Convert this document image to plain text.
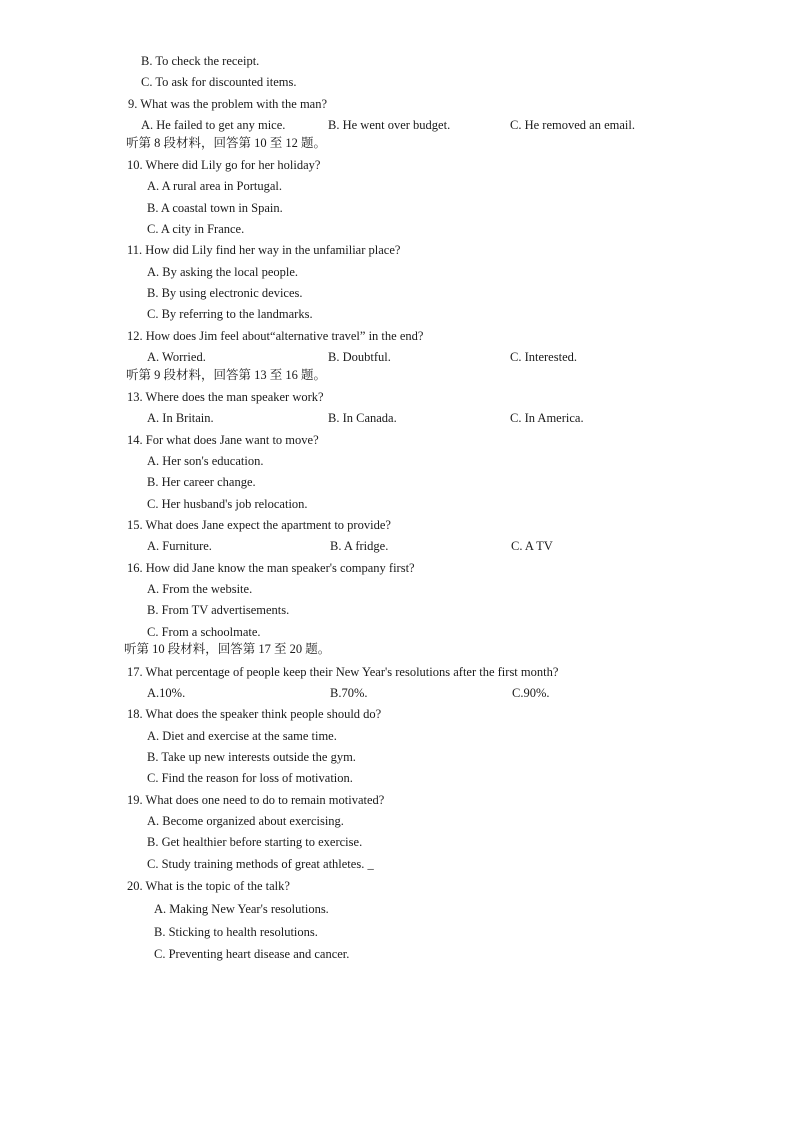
B. To check the receipt.
C. To ask for discounted items.
9. What was the problem with the man?
A. He failed to get any mice.	B. He went over budget.	C. He removed an email.
听第 8 段材料，回答第 10 至 12 题。
10. Where did Lily go for her holiday?
A. A rural area in Portugal.
B. A coastal town in Spain.
C. A city in France.
11. How did Lily find her way in the unfamiliar place?
A. By asking the local people.
B. By using electronic devices.
C. By referring to the landmarks.
12. How does Jim feel about“alternative travel” in the end?
A. Worried.	B. Doubtful.	C. Interested.
听第 9 段材料，回答第 13 至 16 题。
13. Where does the man speaker work?
A. In Britain.	B. In Canada.	C. In America.
14. For what does Jane want to move?
A. Her son's education.
B. Her career change.
C. Her husband's job relocation.
15. What does Jane expect the apartment to provide?
A. Furniture.	B. A fridge.	C. A TV
16. How did Jane know the man speaker's company first?
A. From the website.
B. From TV advertisements.
C. From a schoolmate.
听第 10 段材料，回答第 17 至 20 题。
17. What percentage of people keep their New Year's resolutions after the first month?
A.10%.	B.70%.	C.90%.
18. What does the speaker think people should do?
A. Diet and exercise at the same time.
B. Take up new interests outside the gym.
C. Find the reason for loss of motivation.
19. What does one need to do to remain motivated?
A. Become organized about exercising.
B. Get healthier before starting to exercise.
C. Study training methods of great athletes. _
20. What is the topic of the talk?
A. Making New Year's resolutions.
B. Sticking to health resolutions.
C. Preventing heart disease and cancer.
